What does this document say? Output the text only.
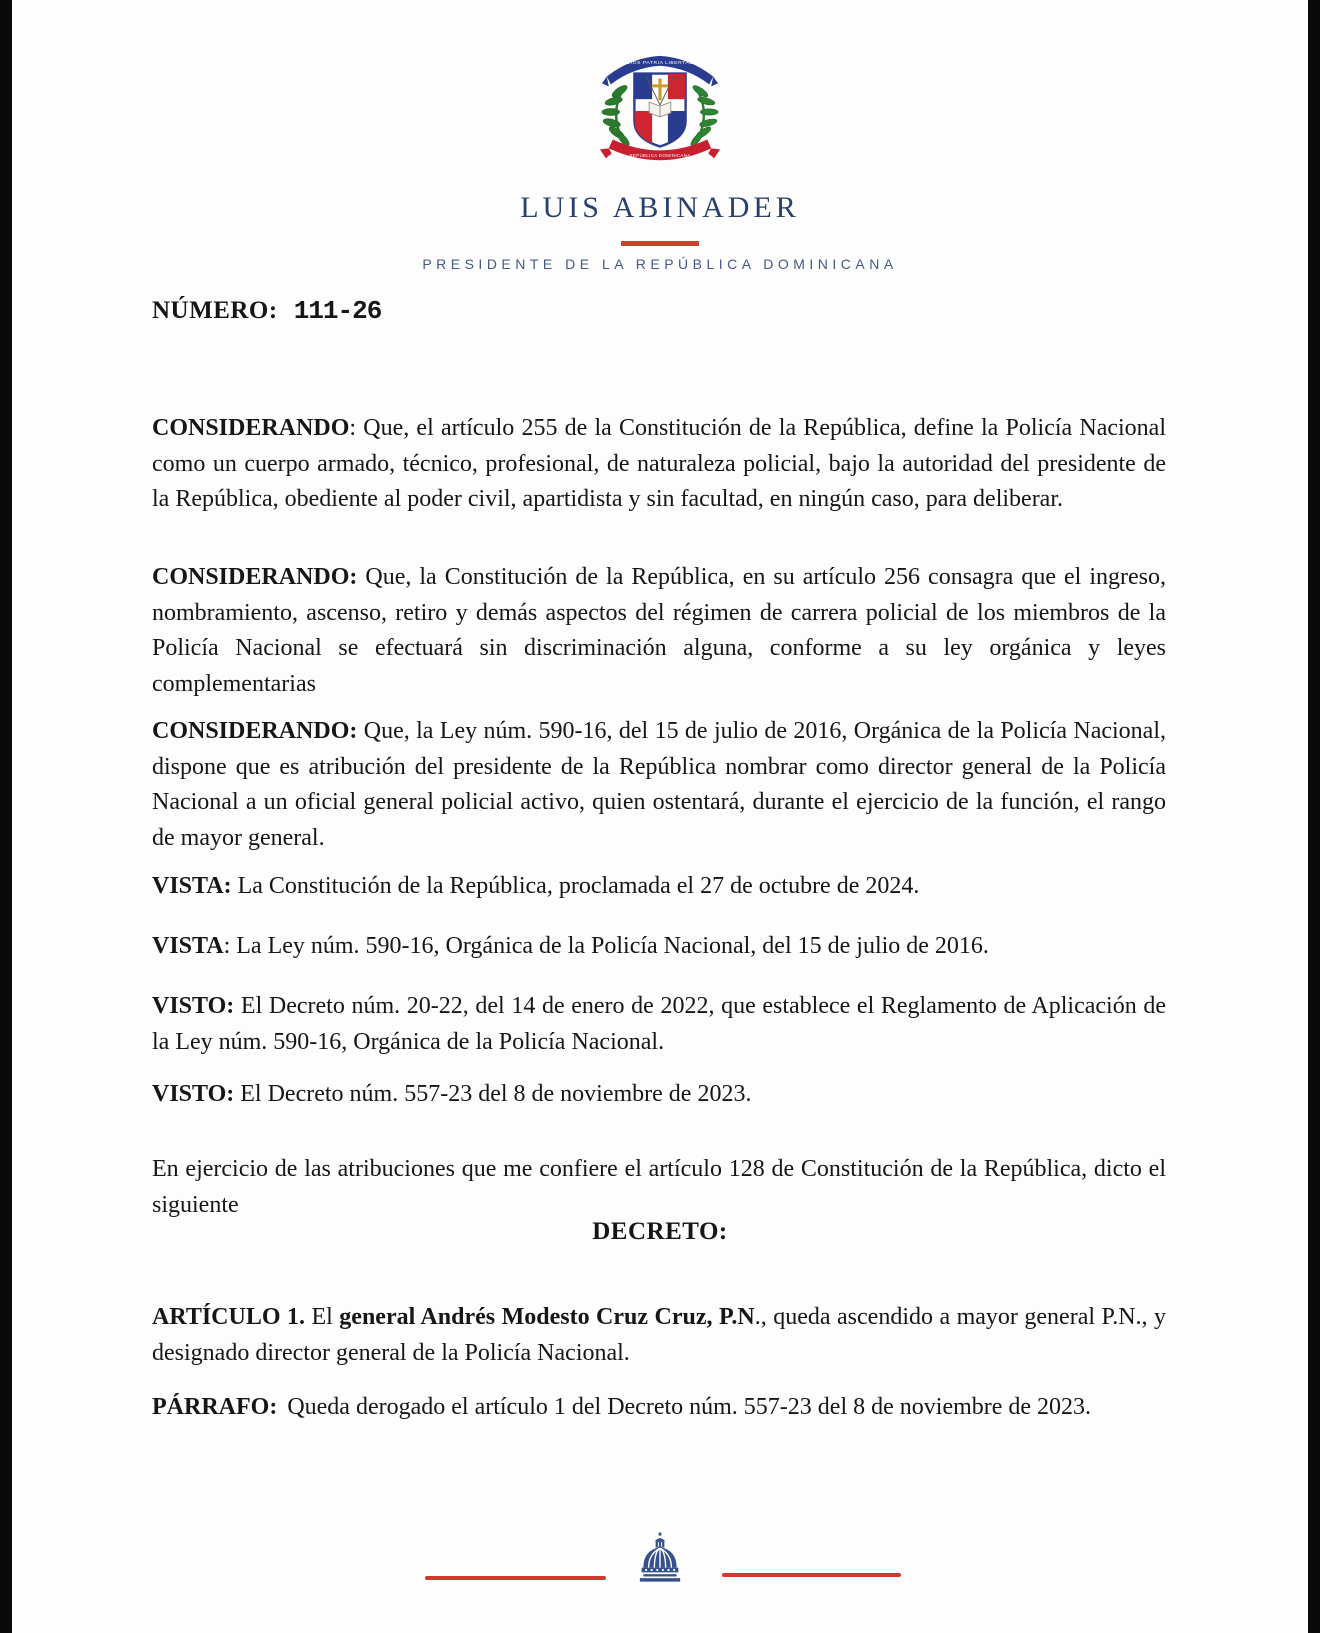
DIOS PATRIA LIBERTAD
REPÚBLICA DOMINICANA
LUIS ABINADER
PRESIDENTE DE LA REPÚBLICA DOMINICANA
NÚMERO: 111-26

CONSIDERANDO: Que, el artículo 255 de la Constitución de la República, define la Policía Nacional como un cuerpo armado, técnico, profesional, de naturaleza policial, bajo la autoridad del presidente de la República, obediente al poder civil, apartidista y sin facultad, en ningún caso, para deliberar.

CONSIDERANDO: Que, la Constitución de la República, en su artículo 256 consagra que el ingreso, nombramiento, ascenso, retiro y demás aspectos del régimen de carrera policial de los miembros de la Policía Nacional se efectuará sin discriminación alguna, conforme a su ley orgánica y leyes complementarias

CONSIDERANDO: Que, la Ley núm. 590-16, del 15 de julio de 2016, Orgánica de la Policía Nacional, dispone que es atribución del presidente de la República nombrar como director general de la Policía Nacional a un oficial general policial activo, quien ostentará, durante el ejercicio de la función, el rango de mayor general.

VISTA: La Constitución de la República, proclamada el 27 de octubre de 2024.

VISTA: La Ley núm. 590-16, Orgánica de la Policía Nacional, del 15 de julio de 2016.

VISTO: El Decreto núm. 20-22, del 14 de enero de 2022, que establece el Reglamento de Aplicación de la Ley núm. 590-16, Orgánica de la Policía Nacional.

VISTO: El Decreto núm. 557-23 del 8 de noviembre de 2023.

En ejercicio de las atribuciones que me confiere el artículo 128 de Constitución de la República, dicto el siguiente

DECRETO:

ARTÍCULO 1. El general Andrés Modesto Cruz Cruz, P.N., queda ascendido a mayor general P.N., y designado director general de la Policía Nacional.

PÁRRAFO: Queda derogado el artículo 1 del Decreto núm. 557-23 del 8 de noviembre de 2023.
